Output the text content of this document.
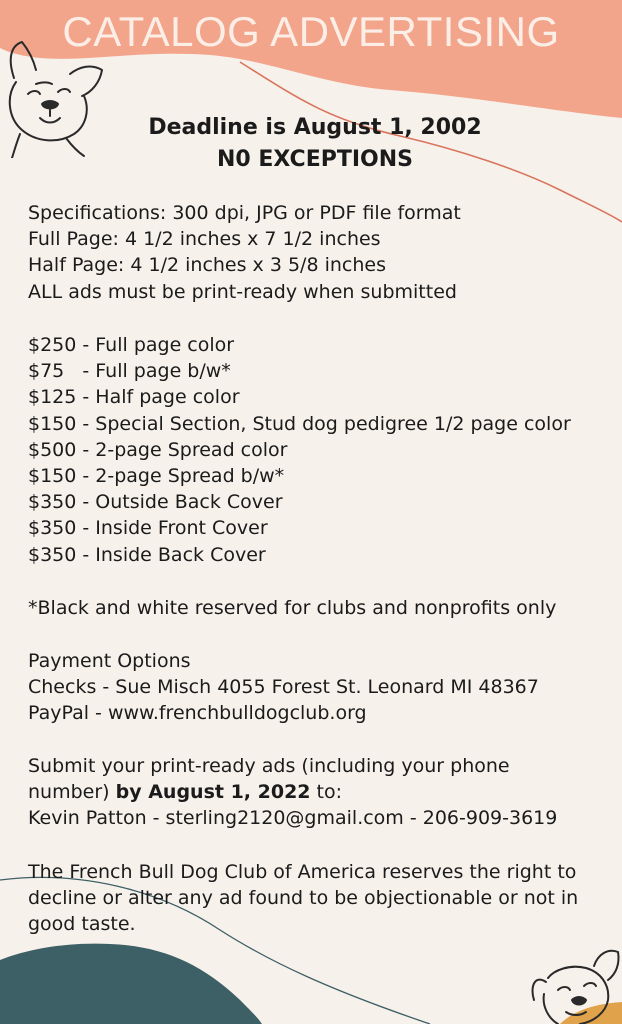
CATALOG ADVERTISING
Deadline is August 1, 2002
N0 EXCEPTIONS
Specifications: 300 dpi, JPG or PDF file format
Full Page: 4 1/2 inches x 7 1/2 inches
Half Page: 4 1/2 inches x 3 5/8 inches
ALL ads must be print-ready when submitted
$250 - Full page color
$75   - Full page b/w*
$125 - Half page color
$150 - Special Section, Stud dog pedigree 1/2 page color
$500 - 2-page Spread color
$150 - 2-page Spread b/w*
$350 - Outside Back Cover
$350 - Inside Front Cover
$350 - Inside Back Cover
*Black and white reserved for clubs and nonprofits only
Payment Options
Checks - Sue Misch 4055 Forest St. Leonard MI 48367
PayPal - www.frenchbulldogclub.org
Submit your print-ready ads (including your phone
number) by August 1, 2022 to:
Kevin Patton - sterling2120@gmail.com - 206-909-3619
The French Bull Dog Club of America reserves the right to
decline or alter any ad found to be objectionable or not in
good taste.
